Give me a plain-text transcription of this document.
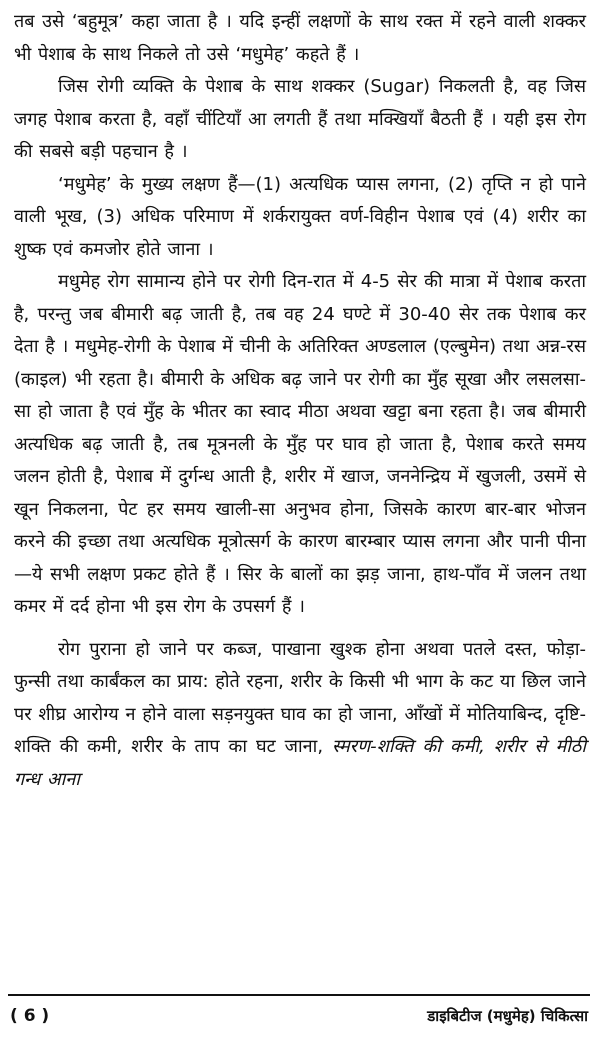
तब उसे ‘बहुमूत्र’ कहा जाता है । यदि इन्हीं लक्षणों के साथ रक्त में रहने वाली शक्कर भी पेशाब के साथ निकले तो उसे ‘मधुमेह’ कहते हैं ।

जिस रोगी व्यक्ति के पेशाब के साथ शक्कर (Sugar) निकलती है, वह जिस जगह पेशाब करता है, वहाँ चींटियाँ आ लगती हैं तथा मक्खियाँ बैठती हैं । यही इस रोग की सबसे बड़ी पहचान है ।

‘मधुमेह’ के मुख्य लक्षण हैं—(1) अत्यधिक प्यास लगना, (2) तृप्ति न हो पाने वाली भूख, (3) अधिक परिमाण में शर्करायुक्त वर्ण-विहीन पेशाब एवं (4) शरीर का शुष्क एवं कमजोर होते जाना ।

मधुमेह रोग सामान्य होने पर रोगी दिन-रात में 4-5 सेर की मात्रा में पेशाब करता है, परन्तु जब बीमारी बढ़ जाती है, तब वह 24 घण्टे में 30-40 सेर तक पेशाब कर देता है । मधुमेह-रोगी के पेशाब में चीनी के अतिरिक्त अण्डलाल (एल्बुमेन) तथा अन्न-रस (काइल) भी रहता है। बीमारी के अधिक बढ़ जाने पर रोगी का मुँह सूखा और लसलसा-सा हो जाता है एवं मुँह के भीतर का स्वाद मीठा अथवा खट्टा बना रहता है। जब बीमारी अत्यधिक बढ़ जाती है, तब मूत्रनली के मुँह पर घाव हो जाता है, पेशाब करते समय जलन होती है, पेशाब में दुर्गन्ध आती है, शरीर में खाज, जननेन्द्रिय में खुजली, उसमें से खून निकलना, पेट हर समय खाली-सा अनुभव होना, जिसके कारण बार-बार भोजन करने की इच्छा तथा अत्यधिक मूत्रोत्सर्ग के कारण बारम्बार प्यास लगना और पानी पीना—ये सभी लक्षण प्रकट होते हैं । सिर के बालों का झड़ जाना, हाथ-पाँव में जलन तथा कमर में दर्द होना भी इस रोग के उपसर्ग हैं ।

रोग पुराना हो जाने पर कब्ज, पाखाना खुश्क होना अथवा पतले दस्त, फोड़ा-फुन्सी तथा कार्बंकल का प्राय: होते रहना, शरीर के किसी भी भाग के कट या छिल जाने पर शीघ्र आरोग्य न होने वाला सड़नयुक्त घाव का हो जाना, आँखों में मोतियाबिन्द, दृष्टि-शक्ति की कमी, शरीर के ताप का घट जाना, स्मरण-शक्ति की कमी, शरीर से मीठी गन्ध आना

( 6 )	डाइबिटीज (मधुमेह) चिकित्सा
